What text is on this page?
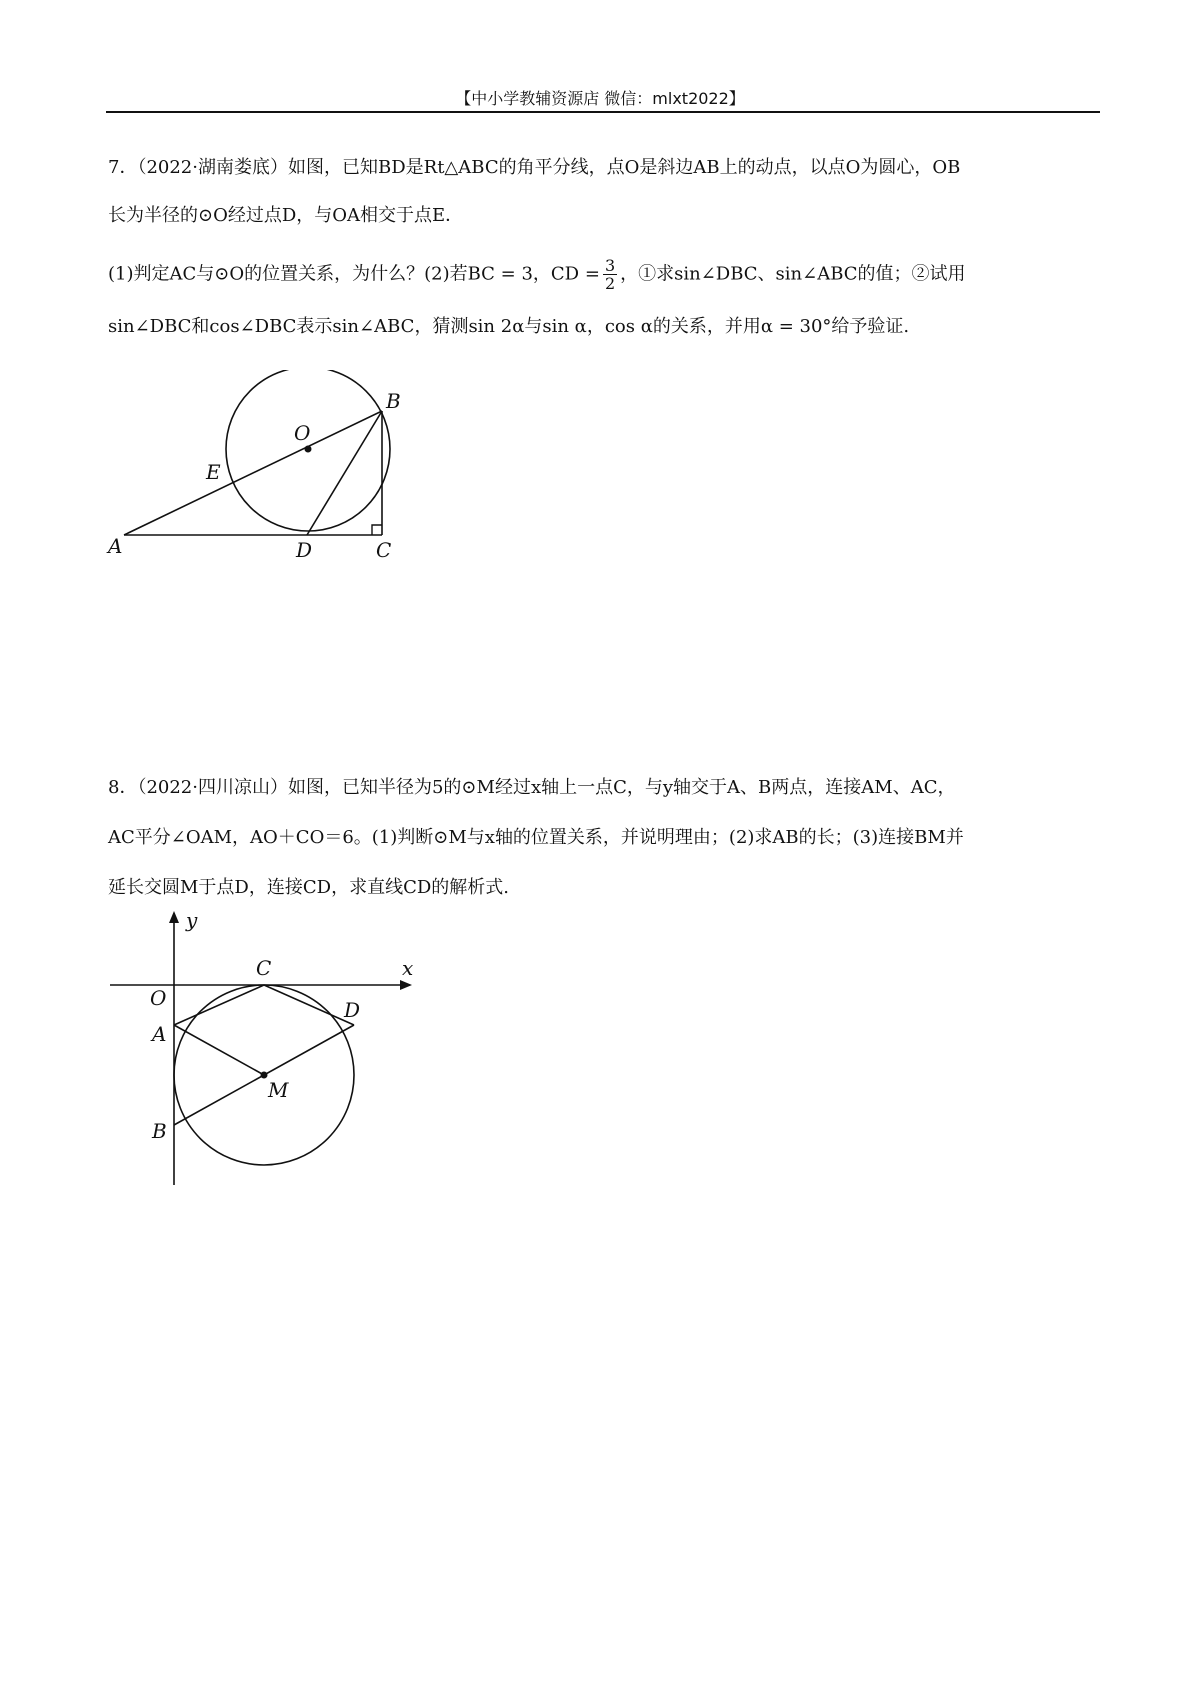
【中小学教辅资源店 微信：mlxt2022】
7．（2022·湖南娄底）如图，已知BD是Rt△ABC的角平分线，点O是斜边AB上的动点，以点O为圆心，OB
长为半径的⊙O经过点D，与OA相交于点E．
(1)判定AC与⊙O的位置关系，为什么？(2)若BC = 3，CD = $\frac{3}{2}$ ，①求sin∠DBC、sin∠ABC的值；②试用
sin∠DBC和cos∠DBC表示sin∠ABC，猜测sin 2α与sin α，cos α的关系，并用α = 30°给予验证.
A
B
C
D
E
O
8．（2022·四川凉山）如图，已知半径为5的⊙M经过x轴上一点C，与y轴交于A、B两点，连接AM、AC，
AC平分∠OAM，AO＋CO＝6。(1)判断⊙M与x轴的位置关系，并说明理由；(2)求AB的长；(3)连接BM并
延长交圆M于点D，连接CD，求直线CD的解析式.
y
x
O
A
B
C
D
M
